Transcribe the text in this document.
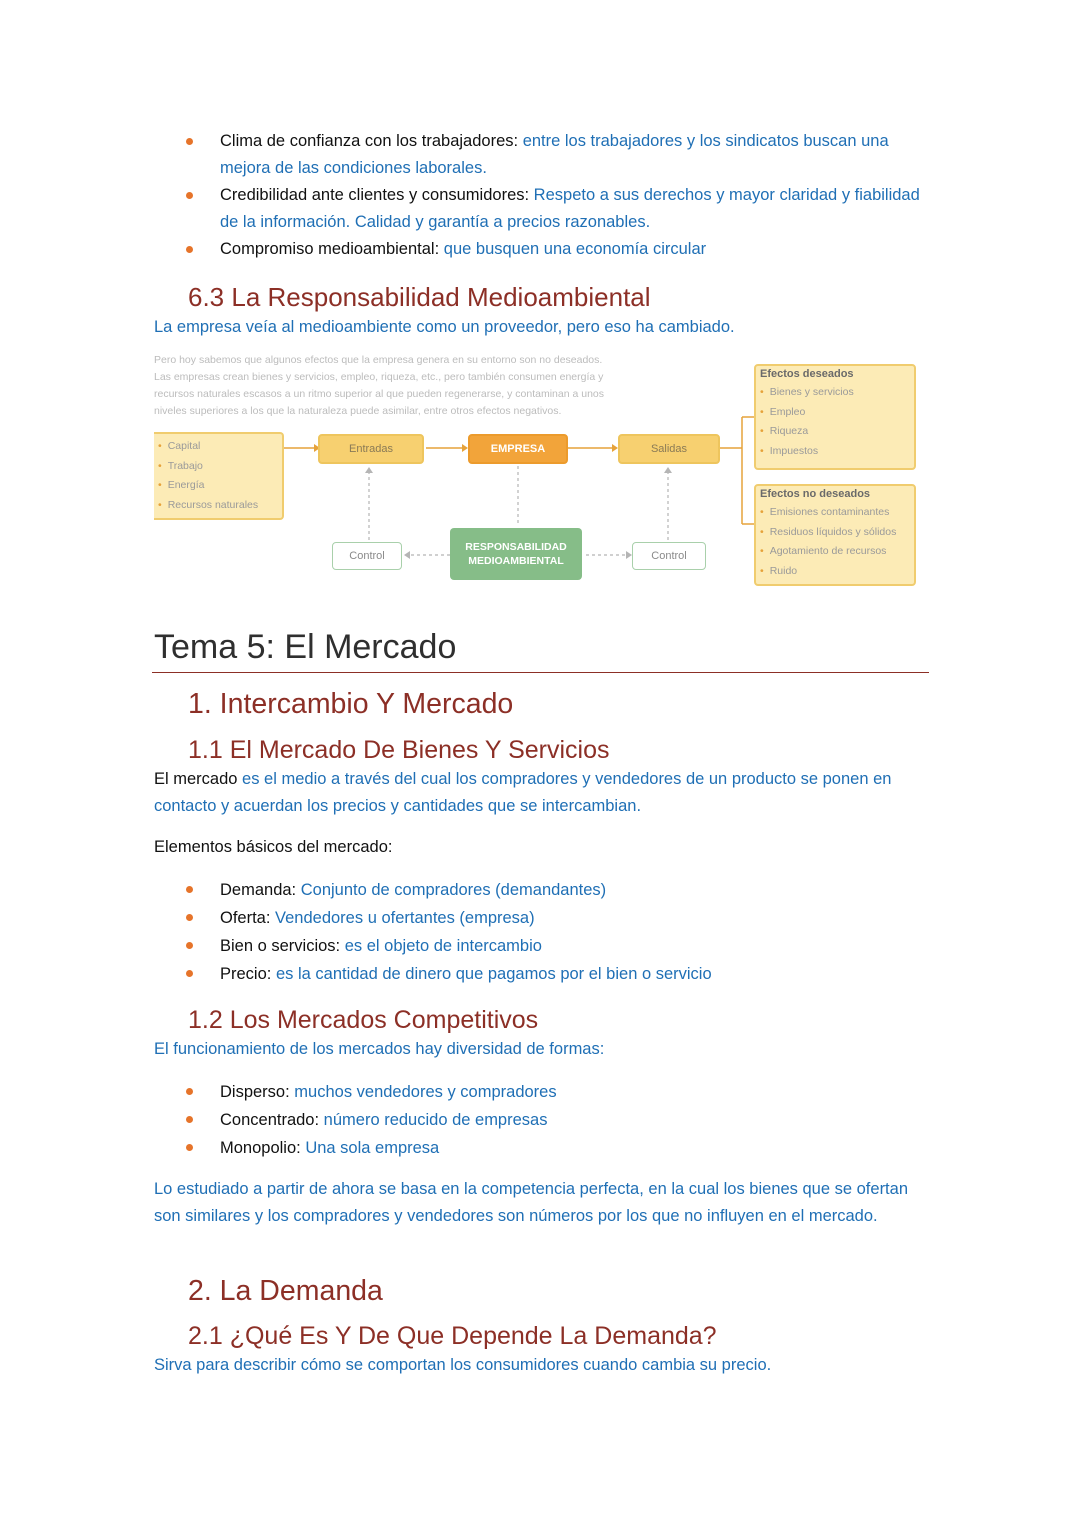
Clima de confianza con los trabajadores: entre los trabajadores y los sindicatos buscan una mejora de las condiciones laborales.
Credibilidad ante clientes y consumidores: Respeto a sus derechos y mayor claridad y fiabilidad de la información. Calidad y garantía a precios razonables.
Compromiso medioambiental: que busquen una economía circular
6.3 La Responsabilidad Medioambiental
La empresa veía al medioambiente como un proveedor, pero eso ha cambiado.

Pero hoy sabemos que algunos efectos que la empresa genera en su entorno son no deseados.

Las empresas crean bienes y servicios, empleo, riqueza, etc., pero también consumen energía y

recursos naturales escasos a un ritmo superior al que pueden regenerarse, y contaminan a unos

niveles superiores a los que la naturaleza puede asimilar, entre otros efectos negativos.

• Capital
• Trabajo
• Energía
• Recursos naturales
Entradas	EMPRESA	Salidas
Control
RESPONSABILIDAD MEDIOAMBIENTAL	Control
Efectos deseados
• Bienes y servicios
• Empleo
• Riqueza
• Impuestos
Efectos no deseados
• Emisiones contaminantes
• Residuos líquidos y sólidos
• Agotamiento de recursos
• Ruido
Tema 5: El Mercado
1. Intercambio Y Mercado
1.1 El Mercado De Bienes Y Servicios
El mercado es el medio a través del cual los compradores y vendedores de un producto se ponen en contacto y acuerdan los precios y cantidades que se intercambian.
Elementos básicos del mercado:
Demanda: Conjunto de compradores (demandantes)
Oferta: Vendedores u ofertantes (empresa)
Bien o servicios: es el objeto de intercambio
Precio: es la cantidad de dinero que pagamos por el bien o servicio
1.2 Los Mercados Competitivos
El funcionamiento de los mercados hay diversidad de formas:
Disperso: muchos vendedores y compradores
Concentrado: número reducido de empresas
Monopolio: Una sola empresa
Lo estudiado a partir de ahora se basa en la competencia perfecta, en la cual los bienes que se ofertan son similares y los compradores y vendedores son números por los que no influyen en el mercado.
2. La Demanda
2.1 ¿Qué Es Y De Que Depende La Demanda?
Sirva para describir cómo se comportan los consumidores cuando cambia su precio.
